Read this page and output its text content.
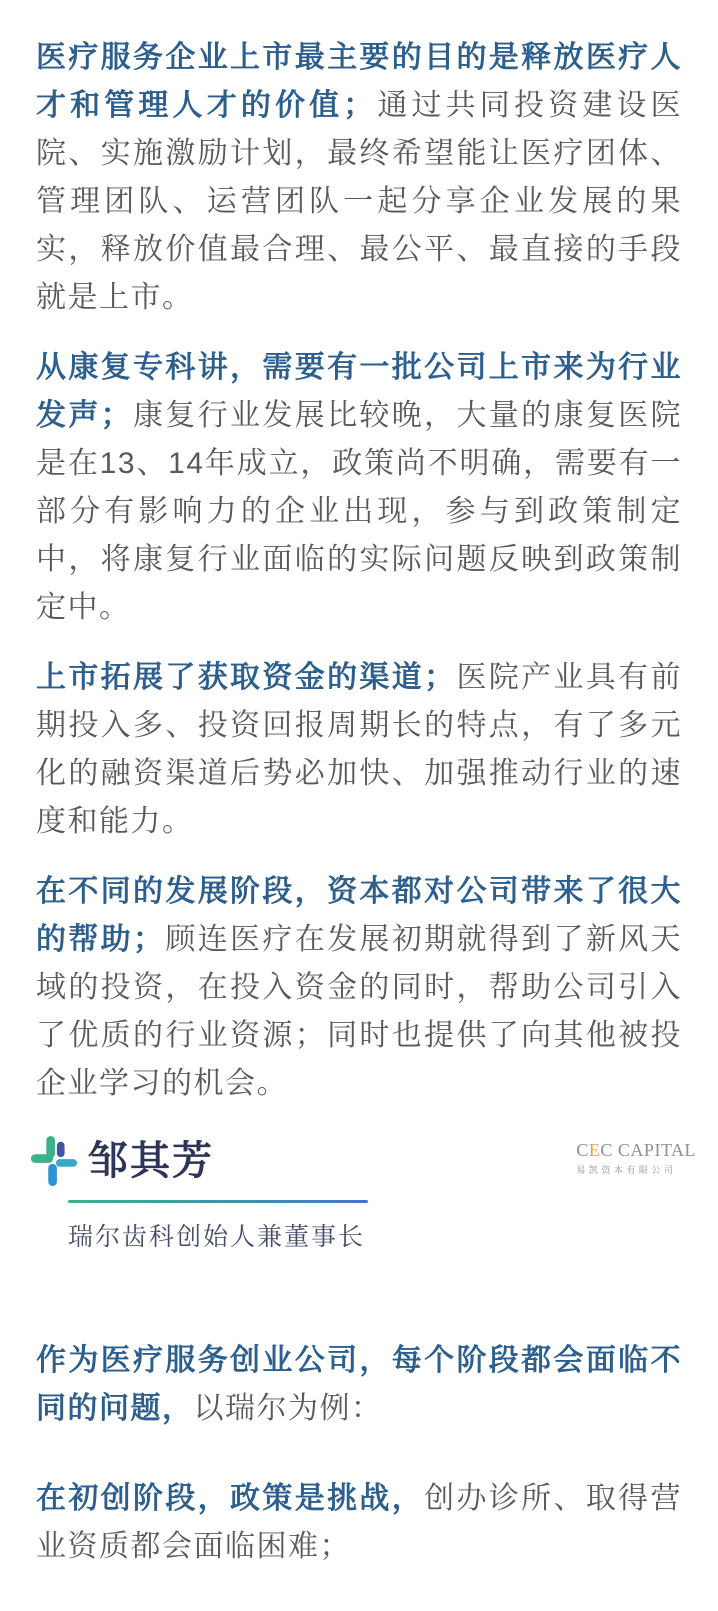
医疗服务企业上市最主要的目的是释放医疗人才和管理人才的价值；通过共同投资建设医院、实施激励计划，最终希望能让医疗团体、管理团队、运营团队一起分享企业发展的果实，释放价值最合理、最公平、最直接的手段就是上市。

从康复专科讲，需要有一批公司上市来为行业发声；康复行业发展比较晚，大量的康复医院是在13、14年成立，政策尚不明确，需要有一部分有影响力的企业出现，参与到政策制定中，将康复行业面临的实际问题反映到政策制定中。

上市拓展了获取资金的渠道；医院产业具有前期投入多、投资回报周期长的特点，有了多元化的融资渠道后势必加快、加强推动行业的速度和能力。

在不同的发展阶段，资本都对公司带来了很大的帮助；顾连医疗在发展初期就得到了新风天域的投资，在投入资金的同时，帮助公司引入了优质的行业资源；同时也提供了向其他被投企业学习的机会。

邹其芳	CEC CAPITAL
易凯资本有限公司
瑞尔齿科创始人兼董事长

作为医疗服务创业公司，每个阶段都会面临不同的问题，以瑞尔为例：

在初创阶段，政策是挑战，创办诊所、取得营业资质都会面临困难；
